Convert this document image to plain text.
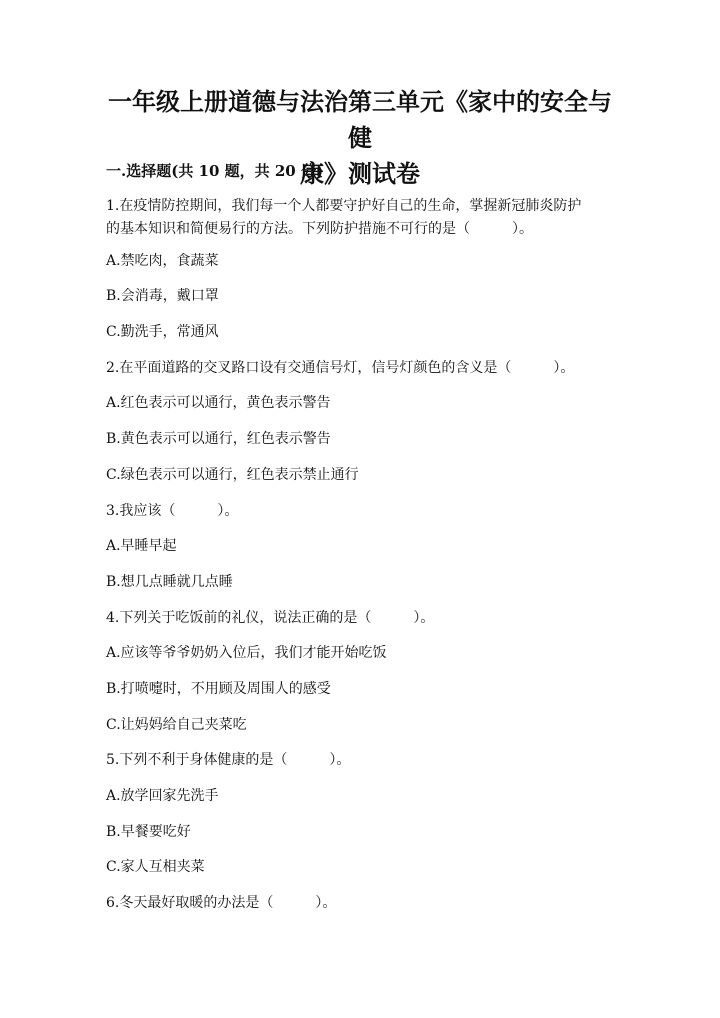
一年级上册道德与法治第三单元《家中的安全与健
康》测试卷

一.选择题(共 10 题，共 20 分)

1.在疫情防控期间，我们每一个人都要守护好自己的生命，掌握新冠肺炎防护
的基本知识和简便易行的方法。下列防护措施不可行的是（　　　）。

A.禁吃肉，食蔬菜

B.会消毒，戴口罩

C.勤洗手，常通风

2.在平面道路的交叉路口设有交通信号灯，信号灯颜色的含义是（　　　）。

A.红色表示可以通行，黄色表示警告

B.黄色表示可以通行，红色表示警告

C.绿色表示可以通行，红色表示禁止通行

3.我应该（　　　）。

A.早睡早起

B.想几点睡就几点睡

4.下列关于吃饭前的礼仪，说法正确的是（　　　）。

A.应该等爷爷奶奶入位后，我们才能开始吃饭

B.打喷嚏时，不用顾及周围人的感受

C.让妈妈给自己夹菜吃

5.下列不利于身体健康的是（　　　）。

A.放学回家先洗手

B.早餐要吃好

C.家人互相夹菜

6.冬天最好取暖的办法是（　　　）。
